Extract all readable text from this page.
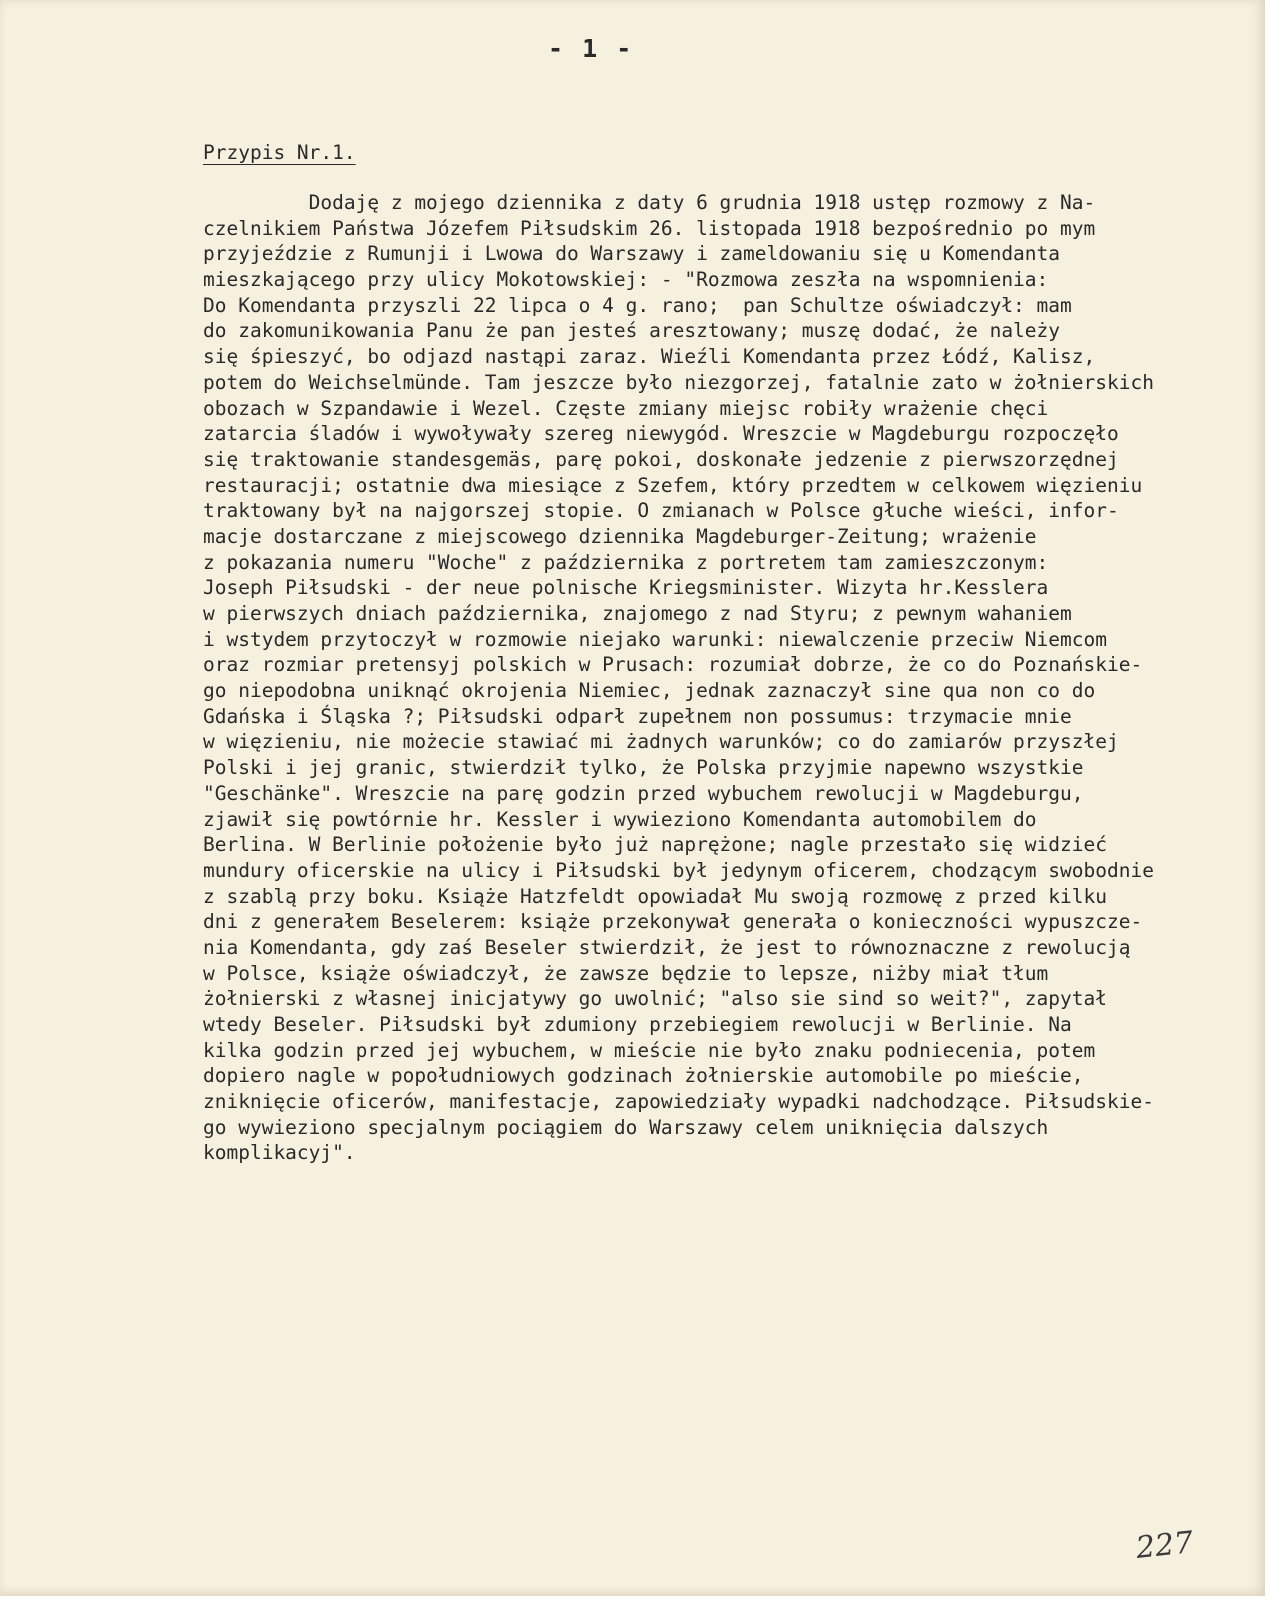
- 1 -
Przypis Nr.1.
Dodaję z mojego dziennika z daty 6 grudnia 1918 ustęp rozmowy z Na-
czelnikiem Państwa Józefem Piłsudskim 26. listopada 1918 bezpośrednio po mym
przyjeździe z Rumunji i Lwowa do Warszawy i zameldowaniu się u Komendanta
mieszkającego przy ulicy Mokotowskiej: - "Rozmowa zeszła na wspomnienia:
Do Komendanta przyszli 22 lipca o 4 g. rano;  pan Schultze oświadczył: mam
do zakomunikowania Panu że pan jesteś aresztowany; muszę dodać, że należy
się śpieszyć, bo odjazd nastąpi zaraz. Wieźli Komendanta przez Łódź, Kalisz,
potem do Weichselmünde. Tam jeszcze było niezgorzej, fatalnie zato w żołnierskich
obozach w Szpandawie i Wezel. Częste zmiany miejsc robiły wrażenie chęci
zatarcia śladów i wywoływały szereg niewygód. Wreszcie w Magdeburgu rozpoczęło
się traktowanie standesgemäs, parę pokoi, doskonałe jedzenie z pierwszorzędnej
restauracji; ostatnie dwa miesiące z Szefem, który przedtem w celkowem więzieniu
traktowany był na najgorszej stopie. O zmianach w Polsce głuche wieści, infor-
macje dostarczane z miejscowego dziennika Magdeburger-Zeitung; wrażenie
z pokazania numeru "Woche" z października z portretem tam zamieszczonym:
Joseph Piłsudski - der neue polnische Kriegsminister. Wizyta hr.Kesslera
w pierwszych dniach października, znajomego z nad Styru; z pewnym wahaniem
i wstydem przytoczył w rozmowie niejako warunki: niewalczenie przeciw Niemcom
oraz rozmiar pretensyj polskich w Prusach: rozumiał dobrze, że co do Poznańskie-
go niepodobna uniknąć okrojenia Niemiec, jednak zaznaczył sine qua non co do
Gdańska i Śląska ?; Piłsudski odparł zupełnem non possumus: trzymacie mnie
w więzieniu, nie możecie stawiać mi żadnych warunków; co do zamiarów przyszłej
Polski i jej granic, stwierdził tylko, że Polska przyjmie napewno wszystkie
"Geschänke". Wreszcie na parę godzin przed wybuchem rewolucji w Magdeburgu,
zjawił się powtórnie hr. Kessler i wywieziono Komendanta automobilem do
Berlina. W Berlinie położenie było już naprężone; nagle przestało się widzieć
mundury oficerskie na ulicy i Piłsudski był jedynym oficerem, chodzącym swobodnie
z szablą przy boku. Książe Hatzfeldt opowiadał Mu swoją rozmowę z przed kilku
dni z generałem Beselerem: książe przekonywał generała o konieczności wypuszcze-
nia Komendanta, gdy zaś Beseler stwierdził, że jest to równoznaczne z rewolucją
w Polsce, książe oświadczył, że zawsze będzie to lepsze, niżby miał tłum
żołnierski z własnej inicjatywy go uwolnić; "also sie sind so weit?", zapytał
wtedy Beseler. Piłsudski był zdumiony przebiegiem rewolucji w Berlinie. Na
kilka godzin przed jej wybuchem, w mieście nie było znaku podniecenia, potem
dopiero nagle w popołudniowych godzinach żołnierskie automobile po mieście,
zniknięcie oficerów, manifestacje, zapowiedziały wypadki nadchodzące. Piłsudskie-
go wywieziono specjalnym pociągiem do Warszawy celem uniknięcia dalszych
komplikacyj".
227
